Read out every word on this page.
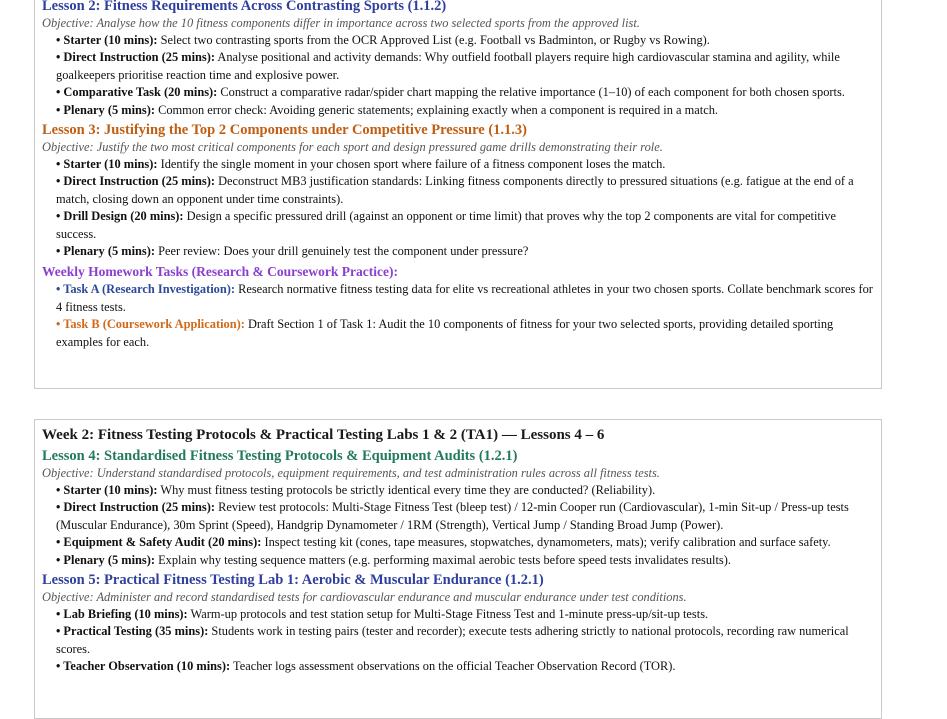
Lesson 2: Fitness Requirements Across Contrasting Sports (1.1.2)

Objective: Analyse how the 10 fitness components differ in importance across two selected sports from the approved list.

• Starter (10 mins): Select two contrasting sports from the OCR Approved List (e.g. Football vs Badminton, or Rugby vs Rowing).
• Direct Instruction (25 mins): Analyse positional and activity demands: Why outfield football players require high cardiovascular stamina and agility, while goalkeepers prioritise reaction time and explosive power.
• Comparative Task (20 mins): Construct a comparative radar/spider chart mapping the relative importance (1–10) of each component for both chosen sports.
• Plenary (5 mins): Common error check: Avoiding generic statements; explaining exactly when a component is required in a match.
Lesson 3: Justifying the Top 2 Components under Competitive Pressure (1.1.3)

Objective: Justify the two most critical components for each sport and design pressured game drills demonstrating their role.

• Starter (10 mins): Identify the single moment in your chosen sport where failure of a fitness component loses the match.
• Direct Instruction (25 mins): Deconstruct MB3 justification standards: Linking fitness components directly to pressured situations (e.g. fatigue at the end of a match, closing down an opponent under time constraints).
• Drill Design (20 mins): Design a specific pressured drill (against an opponent or time limit) that proves why the top 2 components are vital for competitive success.
• Plenary (5 mins): Peer review: Does your drill genuinely test the component under pressure?
Weekly Homework Tasks (Research & Coursework Practice):
• Task A (Research Investigation): Research normative fitness testing data for elite vs recreational athletes in your two chosen sports. Collate benchmark scores for 4 fitness tests.
• Task B (Coursework Application): Draft Section 1 of Task 1: Audit the 10 components of fitness for your two selected sports, providing detailed sporting examples for each.
Week 2: Fitness Testing Protocols & Practical Testing Labs 1 & 2 (TA1) — Lessons 4 – 6
Lesson 4: Standardised Fitness Testing Protocols & Equipment Audits (1.2.1)

Objective: Understand standardised protocols, equipment requirements, and test administration rules across all fitness tests.

• Starter (10 mins): Why must fitness testing protocols be strictly identical every time they are conducted? (Reliability).
• Direct Instruction (25 mins): Review test protocols: Multi-Stage Fitness Test (bleep test) / 12-min Cooper run (Cardiovascular), 1-min Sit-up / Press-up tests (Muscular Endurance), 30m Sprint (Speed), Handgrip Dynamometer / 1RM (Strength), Vertical Jump / Standing Broad Jump (Power).
• Equipment & Safety Audit (20 mins): Inspect testing kit (cones, tape measures, stopwatches, dynamometers, mats); verify calibration and surface safety.
• Plenary (5 mins): Explain why testing sequence matters (e.g. performing maximal aerobic tests before speed tests invalidates results).
Lesson 5: Practical Fitness Testing Lab 1: Aerobic & Muscular Endurance (1.2.1)

Objective: Administer and record standardised tests for cardiovascular endurance and muscular endurance under test conditions.

• Lab Briefing (10 mins): Warm-up protocols and test station setup for Multi-Stage Fitness Test and 1-minute press-up/sit-up tests.
• Practical Testing (35 mins): Students work in testing pairs (tester and recorder); execute tests adhering strictly to national protocols, recording raw numerical scores.
• Teacher Observation (10 mins): Teacher logs assessment observations on the official Teacher Observation Record (TOR).
